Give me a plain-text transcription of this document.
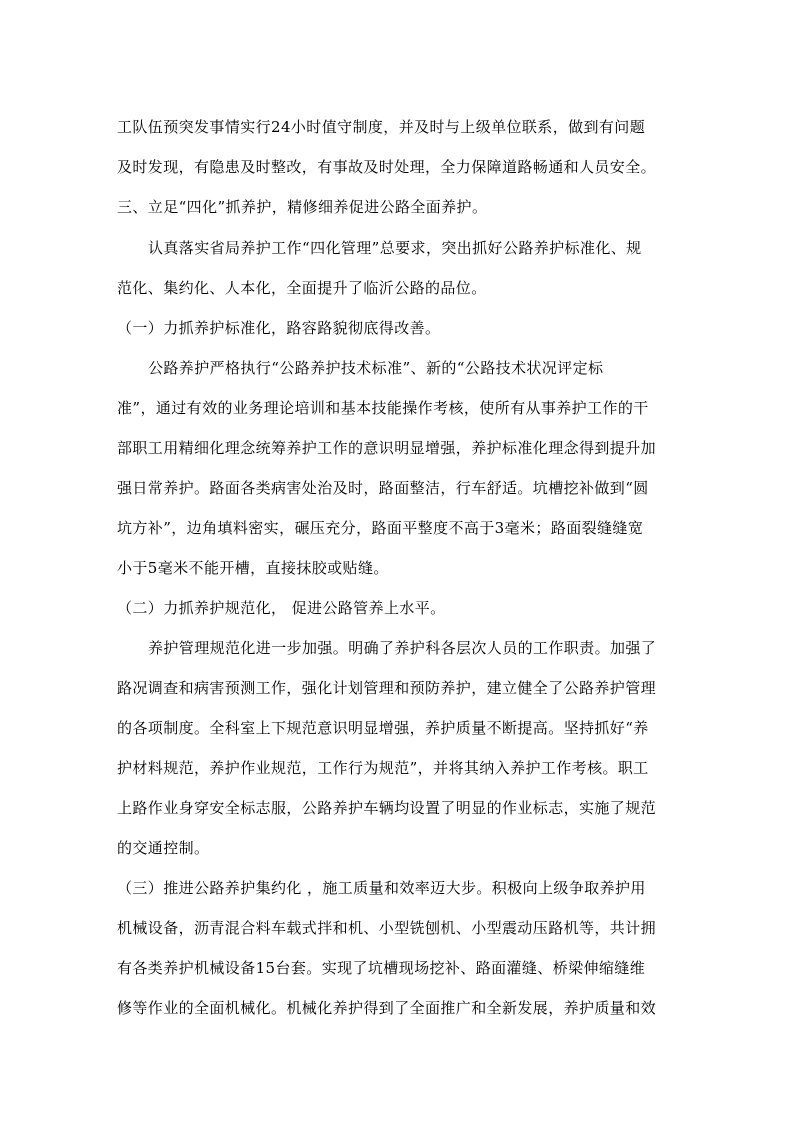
工队伍预突发事情实行24小时值守制度，并及时与上级单位联系，做到有问题
及时发现，有隐患及时整改，有事故及时处理，全力保障道路畅通和人员安全。
三、立足“四化”抓养护，精修细养促进公路全面养护。
认真落实省局养护工作“四化管理”总要求，突出抓好公路养护标准化、规
范化、集约化、人本化，全面提升了临沂公路的品位。
（一）力抓养护标准化，路容路貌彻底得改善。
公路养护严格执行“公路养护技术标准”、新的“公路技术状况评定标
准”，通过有效的业务理论培训和基本技能操作考核，使所有从事养护工作的干
部职工用精细化理念统筹养护工作的意识明显增强，养护标准化理念得到提升加
强日常养护。路面各类病害处治及时，路面整洁，行车舒适。坑槽挖补做到“圆
坑方补”，边角填料密实，碾压充分，路面平整度不高于3毫米；路面裂缝缝宽
小于5毫米不能开槽，直接抹胶或贴缝。
（二）力抓养护规范化， 促进公路管养上水平。
养护管理规范化进一步加强。明确了养护科各层次人员的工作职责。加强了
路况调查和病害预测工作，强化计划管理和预防养护，建立健全了公路养护管理
的各项制度。全科室上下规范意识明显增强，养护质量不断提高。坚持抓好“养
护材料规范，养护作业规范，工作行为规范”，并将其纳入养护工作考核。职工
上路作业身穿安全标志服，公路养护车辆均设置了明显的作业标志，实施了规范
的交通控制。
（三）推进公路养护集约化 ，施工质量和效率迈大步。积极向上级争取养护用
机械设备，沥青混合料车载式拌和机、小型铣刨机、小型震动压路机等，共计拥
有各类养护机械设备15台套。实现了坑槽现场挖补、路面灌缝、桥梁伸缩缝维
修等作业的全面机械化。机械化养护得到了全面推广和全新发展，养护质量和效
